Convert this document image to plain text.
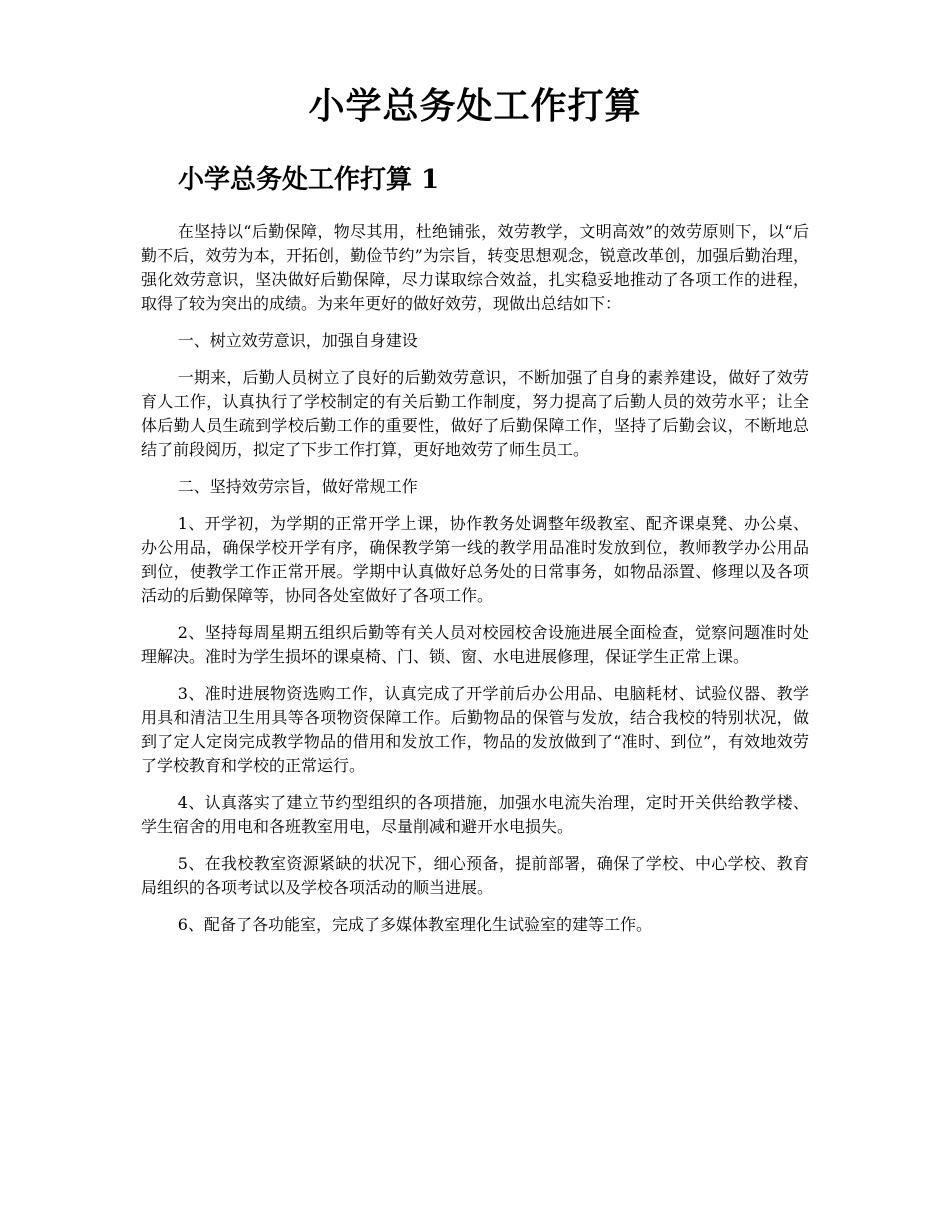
小学总务处工作打算
小学总务处工作打算 1

在坚持以“后勤保障，物尽其用，杜绝铺张，效劳教学，文明高效”的效劳原则下，以“后勤不后，效劳为本，开拓创，勤俭节约”为宗旨，转变思想观念，锐意改革创，加强后勤治理，强化效劳意识，坚决做好后勤保障，尽力谋取综合效益，扎实稳妥地推动了各项工作的进程，取得了较为突出的成绩。为来年更好的做好效劳，现做出总结如下：

一、树立效劳意识，加强自身建设

一期来，后勤人员树立了良好的后勤效劳意识，不断加强了自身的素养建设，做好了效劳育人工作，认真执行了学校制定的有关后勤工作制度，努力提高了后勤人员的效劳水平；让全体后勤人员生疏到学校后勤工作的重要性，做好了后勤保障工作，坚持了后勤会议，不断地总结了前段阅历，拟定了下步工作打算，更好地效劳了师生员工。

二、坚持效劳宗旨，做好常规工作

1、开学初，为学期的正常开学上课，协作教务处调整年级教室、配齐课桌凳、办公桌、办公用品，确保学校开学有序，确保教学第一线的教学用品准时发放到位，教师教学办公用品到位，使教学工作正常开展。学期中认真做好总务处的日常事务，如物品添置、修理以及各项活动的后勤保障等，协同各处室做好了各项工作。

2、坚持每周星期五组织后勤等有关人员对校园校舍设施进展全面检查，觉察问题准时处理解决。准时为学生损坏的课桌椅、门、锁、窗、水电进展修理，保证学生正常上课。

3、准时进展物资选购工作，认真完成了开学前后办公用品、电脑耗材、试验仪器、教学用具和清洁卫生用具等各项物资保障工作。后勤物品的保管与发放，结合我校的特别状况，做到了定人定岗完成教学物品的借用和发放工作，物品的发放做到了“准时、到位”，有效地效劳了学校教育和学校的正常运行。

4、认真落实了建立节约型组织的各项措施，加强水电流失治理，定时开关供给教学楼、学生宿舍的用电和各班教室用电，尽量削减和避开水电损失。

5、在我校教室资源紧缺的状况下，细心预备，提前部署，确保了学校、中心学校、教育局组织的各项考试以及学校各项活动的顺当进展。

6、配备了各功能室，完成了多媒体教室理化生试验室的建等工作。
